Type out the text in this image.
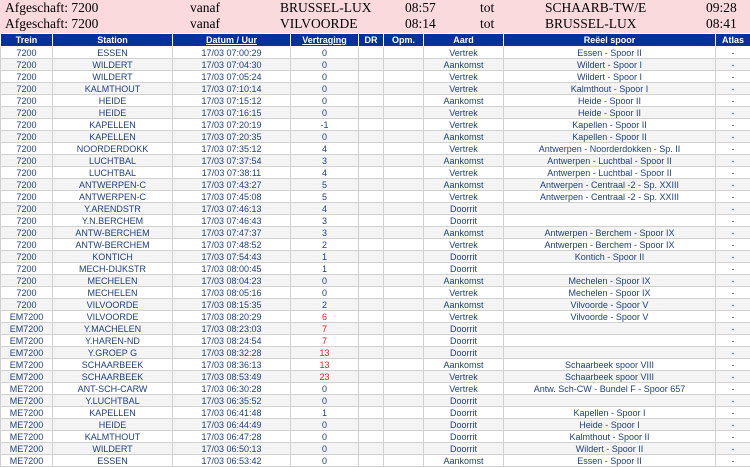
Afgeschaft: 7200	vanaf	BRUSSEL-LUX 08:57	tot	SCHAARB-TW/E	09:28
Afgeschaft: 7200	vanaf	VILVOORDE	08:14	tot	BRUSSEL-LUX	08:41
Trein	Station	Datum / Uur	Vertraging	DR	Opm.	Aard	Reëel spoor	Atlas
7200	ESSEN	17/03 07:00:29	0			Vertrek	Essen - Spoor II	-
7200	WILDERT	17/03 07:04:30	0			Aankomst	Wildert - Spoor I	-
7200	WILDERT	17/03 07:05:24	0			Vertrek	Wildert - Spoor I	-
7200	KALMTHOUT	17/03 07:10:14	0			Vertrek	Kalmthout - Spoor I	-
7200	HEIDE	17/03 07:15:12	0			Aankomst	Heide - Spoor II	-
7200	HEIDE	17/03 07:16:15	0			Vertrek	Heide - Spoor II	-
7200	KAPELLEN	17/03 07:20:19	-1			Vertrek	Kapellen - Spoor II	-
7200	KAPELLEN	17/03 07:20:35	0			Aankomst	Kapellen - Spoor II	-
7200	NOORDERDOKK	17/03 07:35:12	4			Vertrek	Antwerpen - Noorderdokken - Sp. II	-
7200	LUCHTBAL	17/03 07:37:54	3			Aankomst	Antwerpen - Luchtbal - Spoor II	-
7200	LUCHTBAL	17/03 07:38:11	4			Vertrek	Antwerpen - Luchtbal - Spoor II	-
7200	ANTWERPEN-C	17/03 07:43:27	5			Aankomst	Antwerpen - Centraal -2 - Sp. XXIII	-
7200	ANTWERPEN-C	17/03 07:45:08	5			Vertrek	Antwerpen - Centraal -2 - Sp. XXIII	-
7200	Y.ARENDSTR	17/03 07:46:13	4			Doorrit		-
7200	Y.N.BERCHEM	17/03 07:46:43	3			Doorrit		-
7200	ANTW-BERCHEM	17/03 07:47:37	3			Aankomst	Antwerpen - Berchem - Spoor IX	-
7200	ANTW-BERCHEM	17/03 07:48:52	2			Vertrek	Antwerpen - Berchem - Spoor IX	-
7200	KONTICH	17/03 07:54:43	1			Doorrit	Kontich - Spoor II	-
7200	MECH-DIJKSTR	17/03 08:00:45	1			Doorrit		-
7200	MECHELEN	17/03 08:04:23	0			Aankomst	Mechelen - Spoor IX	-
7200	MECHELEN	17/03 08:05:16	0			Vertrek	Mechelen - Spoor IX	-
7200	VILVOORDE	17/03 08:15:35	2			Aankomst	Vilvoorde - Spoor V	-
EM7200	VILVOORDE	17/03 08:20:29	6			Vertrek	Vilvoorde - Spoor V	-
EM7200	Y.MACHELEN	17/03 08:23:03	7			Doorrit		-
EM7200	Y.HAREN-ND	17/03 08:24:54	7			Doorrit		-
EM7200	Y.GROEP G	17/03 08:32:28	13			Doorrit		-
EM7200	SCHAARBEEK	17/03 08:36:13	13			Aankomst	Schaarbeek spoor VIII	-
EM7200	SCHAARBEEK	17/03 08:53:49	23			Vertrek	Schaarbeek spoor VIII	-
ME7200	ANT-SCH-CARW	17/03 06:30:28	0			Vertrek	Antw. Sch-CW - Bundel F - Spoor 657	-
ME7200	Y.LUCHTBAL	17/03 06:35:52	0			Doorrit		-
ME7200	KAPELLEN	17/03 06:41:48	1			Doorrit	Kapellen - Spoor I	-
ME7200	HEIDE	17/03 06:44:49	0			Doorrit	Heide - Spoor I	-
ME7200	KALMTHOUT	17/03 06:47:28	0			Doorrit	Kalmthout - Spoor II	-
ME7200	WILDERT	17/03 06:50:13	0			Doorrit	Wildert - Spoor II	-
ME7200	ESSEN	17/03 06:53:42	0			Aankomst	Essen - Spoor II	-
